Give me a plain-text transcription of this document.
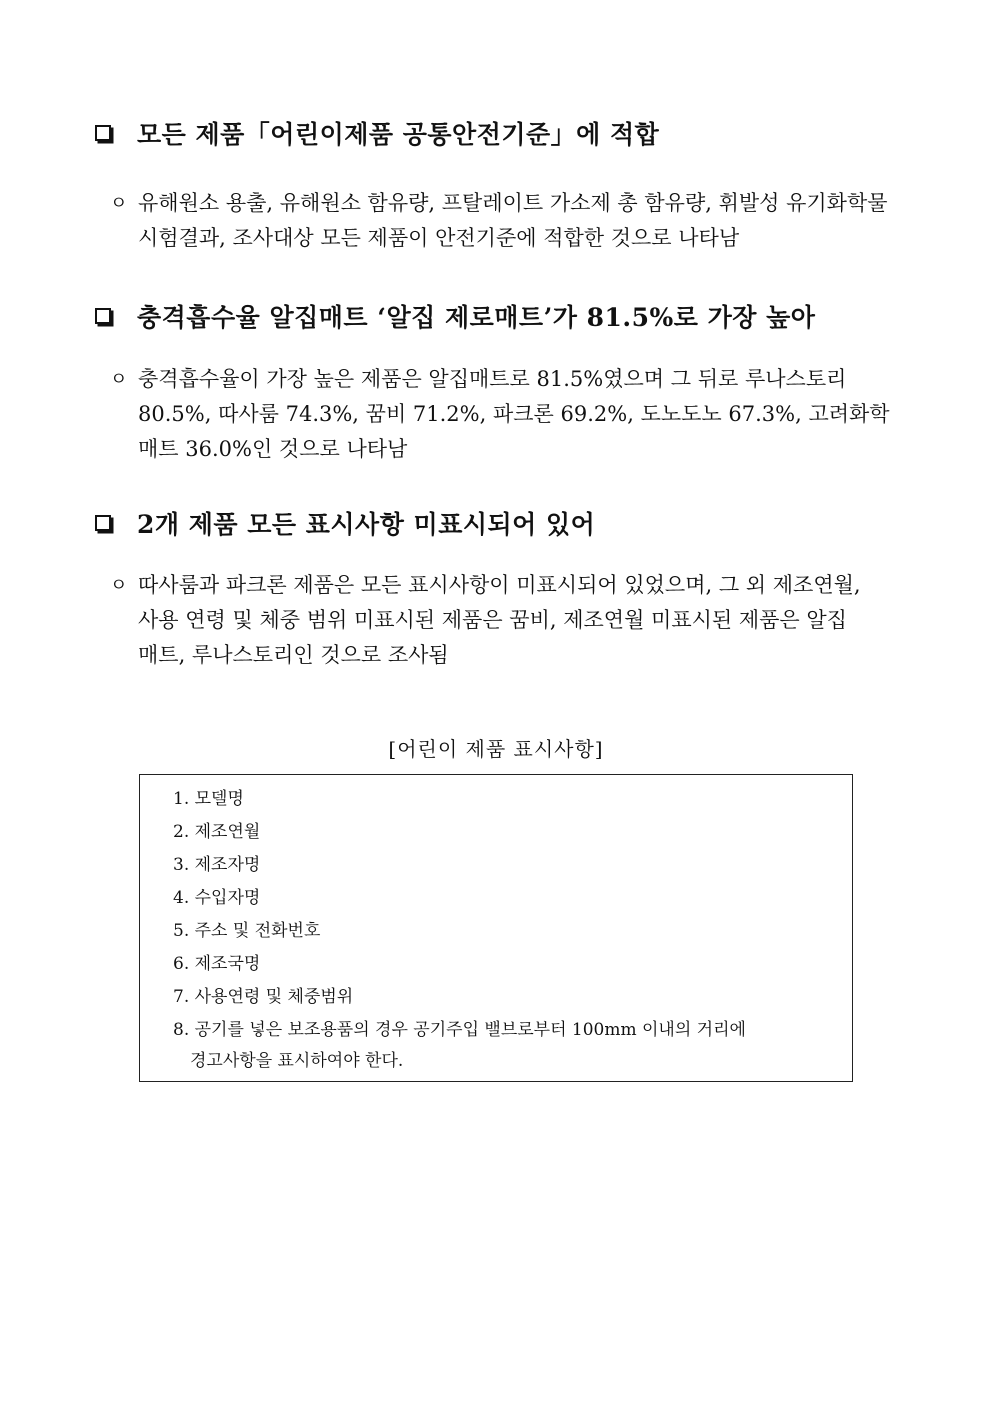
모든 제품「어린이제품 공통안전기준」에 적합
ㅇ 유해원소 용출, 유해원소 함유량, 프탈레이트 가소제 총 함유량, 휘발성 유기화학물
시험결과, 조사대상 모든 제품이 안전기준에 적합한 것으로 나타남
충격흡수율 알집매트 ‘알집 제로매트’가 81.5%로 가장 높아
ㅇ 충격흡수율이 가장 높은 제품은 알집매트로 81.5%였으며 그 뒤로 루나스토리
80.5%, 따사룸 74.3%, 꿈비 71.2%, 파크론 69.2%, 도노도노 67.3%, 고려화학
매트 36.0%인 것으로 나타남
2개 제품 모든 표시사항 미표시되어 있어
ㅇ 따사룸과 파크론 제품은 모든 표시사항이 미표시되어 있었으며, 그 외 제조연월,
사용 연령 및 체중 범위 미표시된 제품은 꿈비, 제조연월 미표시된 제품은 알집
매트, 루나스토리인 것으로 조사됨
[어린이 제품 표시사항]
1. 모델명
2. 제조연월
3. 제조자명
4. 수입자명
5. 주소 및 전화번호
6. 제조국명
7. 사용연령 및 체중범위
8. 공기를 넣은 보조용품의 경우 공기주입 밸브로부터 100mm 이내의 거리에
경고사항을 표시하여야 한다.
